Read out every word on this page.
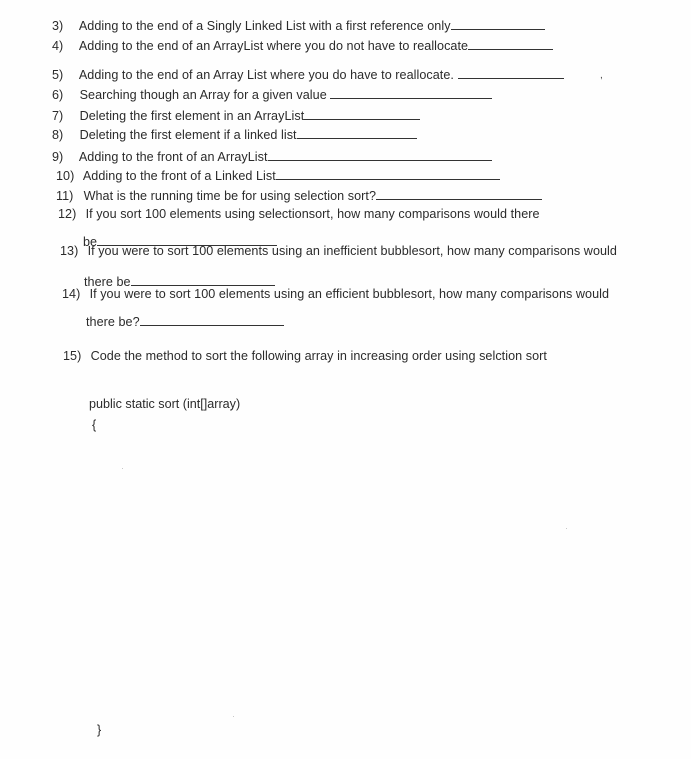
3) Adding to the end of a Singly Linked List with a first reference only
4) Adding to the end of an ArrayList where you do not have to reallocate
5) Adding to the end of an Array List where you do have to reallocate.	,
6) Searching though an Array for a given value
7) Deleting the first element in an ArrayList
8) Deleting the first element if a linked list
9) Adding to the front of an ArrayList
10) Adding to the front of a Linked List
11) What is the running time be for using selection sort?
12) If you sort 100 elements using selectionsort, how many comparisons would there
be
13) If you were to sort 100 elements using an inefficient bubblesort, how many comparisons would
there be
14) If you were to sort 100 elements using an efficient bubblesort, how many comparisons would
there be?
15) Code the method to sort the following array in increasing order using selction sort
public static sort (int[]array)
{
}
